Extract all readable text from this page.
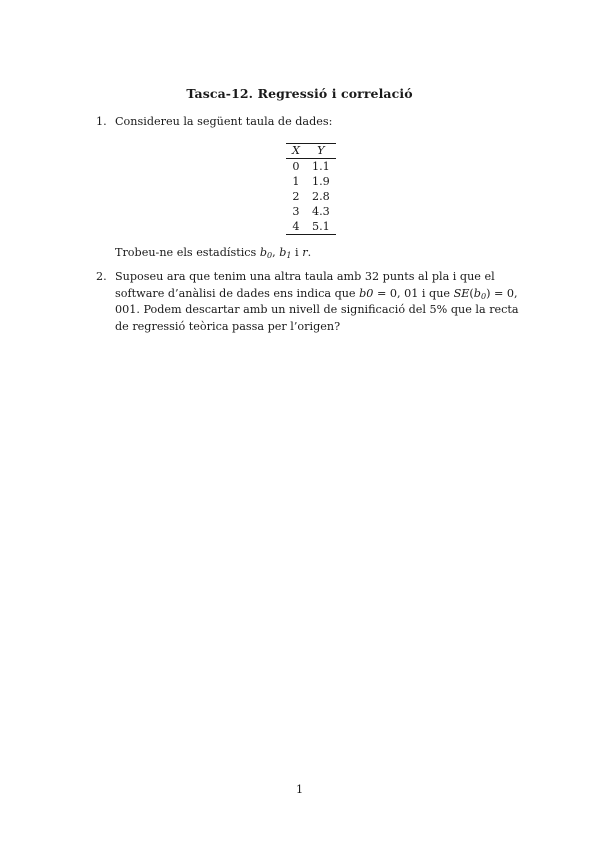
Tasca-12. Regressió i correlació
1. Considereu la següent taula de dades:
X	Y
0	1.1
1	1.9
2	2.8
3	4.3
4	5.1
Trobeu-ne els estadístics $b_0$, $b_1$ i r.
2. Suposeu ara que tenim una altra taula amb 32 punts al pla i que el software d’anàlisi de dades ens indica que b0 = 0, 01 i que $SE(b_0) = 0$, 001. Podem descartar amb un nivell de significació del 5% que la recta de regressió teòrica passa per l’origen?
1
